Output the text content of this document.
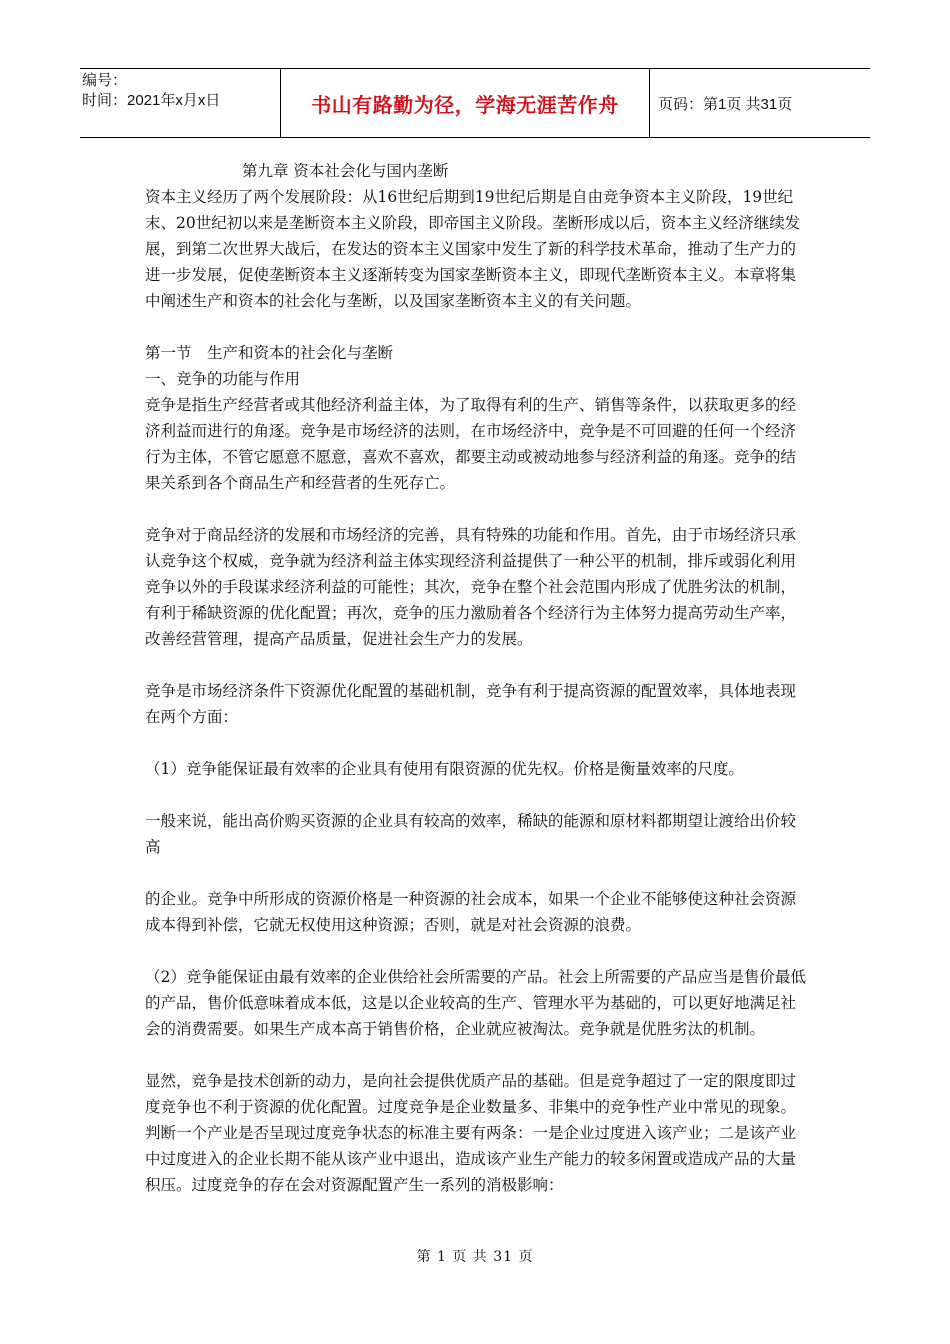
编号：
时间：2021年x月x日	书山有路勤为径，学海无涯苦作舟	页码：第1页 共31页

第九章 资本社会化与国内垄断

资本主义经历了两个发展阶段：从16世纪后期到19世纪后期是自由竞争资本主义阶段，19世纪末、20世纪初以来是垄断资本主义阶段，即帝国主义阶段。垄断形成以后，资本主义经济继续发展，到第二次世界大战后，在发达的资本主义国家中发生了新的科学技术革命，推动了生产力的进一步发展，促使垄断资本主义逐渐转变为国家垄断资本主义，即现代垄断资本主义。本章将集中阐述生产和资本的社会化与垄断，以及国家垄断资本主义的有关问题。

第一节　生产和资本的社会化与垄断

一、竞争的功能与作用

竞争是指生产经营者或其他经济利益主体，为了取得有利的生产、销售等条件，以获取更多的经济利益而进行的角逐。竞争是市场经济的法则，在市场经济中，竞争是不可回避的任何一个经济行为主体，不管它愿意不愿意，喜欢不喜欢，都要主动或被动地参与经济利益的角逐。竞争的结果关系到各个商品生产和经营者的生死存亡。

竞争对于商品经济的发展和市场经济的完善，具有特殊的功能和作用。首先，由于市场经济只承认竞争这个权威，竞争就为经济利益主体实现经济利益提供了一种公平的机制，排斥或弱化利用竞争以外的手段谋求经济利益的可能性；其次，竞争在整个社会范围内形成了优胜劣汰的机制，有利于稀缺资源的优化配置；再次，竞争的压力激励着各个经济行为主体努力提高劳动生产率，改善经营管理，提高产品质量，促进社会生产力的发展。

竞争是市场经济条件下资源优化配置的基础机制，竞争有利于提高资源的配置效率，具体地表现在两个方面：

（1）竞争能保证最有效率的企业具有使用有限资源的优先权。价格是衡量效率的尺度。

一般来说，能出高价购买资源的企业具有较高的效率，稀缺的能源和原材料都期望让渡给出价较高

的企业。竞争中所形成的资源价格是一种资源的社会成本，如果一个企业不能够使这种社会资源成本得到补偿，它就无权使用这种资源；否则，就是对社会资源的浪费。

（2）竞争能保证由最有效率的企业供给社会所需要的产品。社会上所需要的产品应当是售价最低的产品，售价低意味着成本低，这是以企业较高的生产、管理水平为基础的，可以更好地满足社会的消费需要。如果生产成本高于销售价格，企业就应被淘汰。竞争就是优胜劣汰的机制。

显然，竞争是技术创新的动力，是向社会提供优质产品的基础。但是竞争超过了一定的限度即过度竞争也不利于资源的优化配置。过度竞争是企业数量多、非集中的竞争性产业中常见的现象。判断一个产业是否呈现过度竞争状态的标准主要有两条：一是企业过度进入该产业；二是该产业中过度进入的企业长期不能从该产业中退出，造成该产业生产能力的较多闲置或造成产品的大量积压。过度竞争的存在会对资源配置产生一系列的消极影响：

第 1 页 共 31 页
